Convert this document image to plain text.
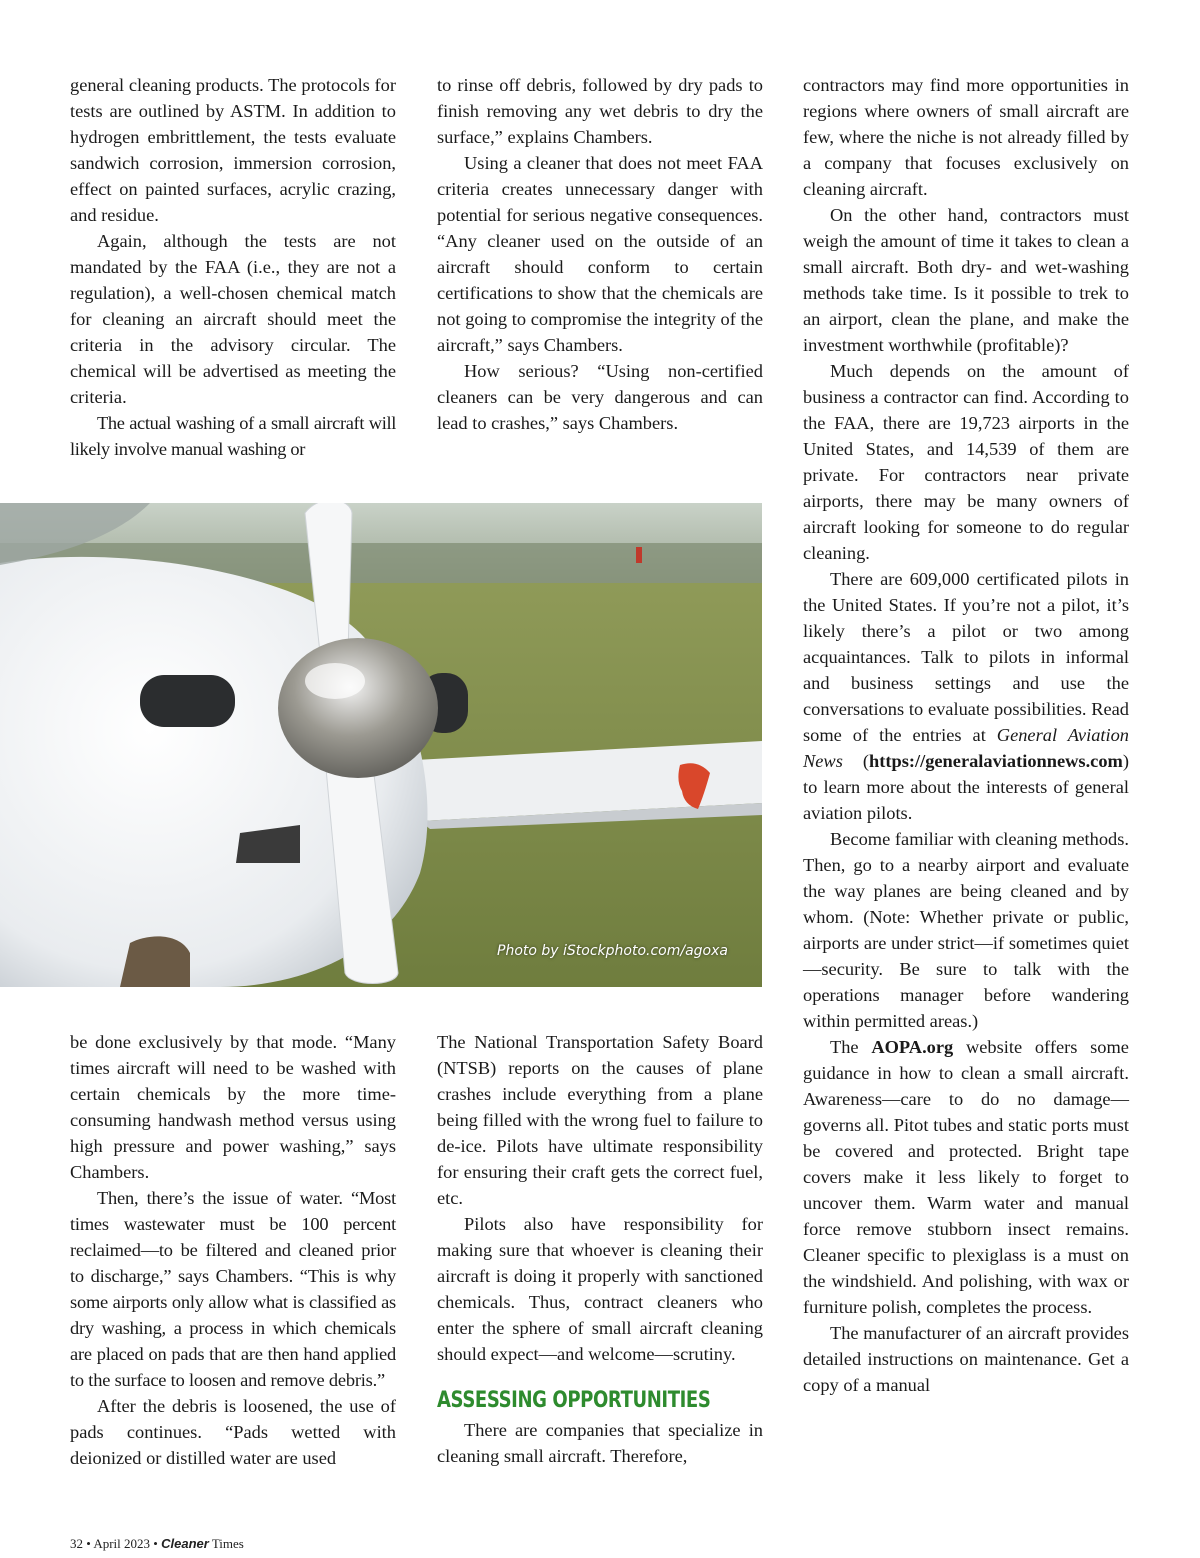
general cleaning products. The protocols for tests are outlined by ASTM. In addition to hydrogen embrittlement, the tests evaluate sandwich corrosion, immersion corrosion, effect on painted surfaces, acrylic crazing, and residue.

Again, although the tests are not mandated by the FAA (i.e., they are not a regulation), a well-chosen chemical match for cleaning an aircraft should meet the criteria in the advisory circular. The chemical will be advertised as meeting the criteria.

The actual washing of a small aircraft will likely involve manual washing or

to rinse off debris, followed by dry pads to finish removing any wet debris to dry the surface,” explains Chambers.

Using a cleaner that does not meet FAA criteria creates unnecessary danger with potential for serious negative consequences. “Any cleaner used on the outside of an aircraft should conform to certain certifications to show that the chemicals are not going to compromise the integrity of the aircraft,” says Chambers.

How serious? “Using non-certified cleaners can be very dangerous and can lead to crashes,” says Chambers.

contractors may find more opportunities in regions where owners of small aircraft are few, where the niche is not already filled by a company that focuses exclusively on cleaning aircraft.

On the other hand, contractors must weigh the amount of time it takes to clean a small aircraft. Both dry- and wet-washing methods take time. Is it possible to trek to an airport, clean the plane, and make the investment worthwhile (profitable)?

Much depends on the amount of business a contractor can find. According to the FAA, there are 19,723 airports in the United States, and 14,539 of them are private. For contractors near private airports, there may be many owners of aircraft looking for someone to do regular cleaning.

There are 609,000 certificated pilots in the United States. If you’re not a pilot, it’s likely there’s a pilot or two among acquaintances. Talk to pilots in informal and business settings and use the conversations to evaluate possibilities. Read some of the entries at General Aviation News (https://generalaviationnews.com) to learn more about the interests of general aviation pilots.

Become familiar with cleaning methods. Then, go to a nearby airport and evaluate the way planes are being cleaned and by whom. (Note: Whether private or public, airports are under strict—if sometimes quiet—security. Be sure to talk with the operations manager before wandering within permitted areas.)

The AOPA.org website offers some guidance in how to clean a small aircraft. Awareness—care to do no damage—governs all. Pitot tubes and static ports must be covered and protected. Bright tape covers make it less likely to forget to uncover them. Warm water and manual force remove stubborn insect remains. Cleaner specific to plexiglass is a must on the windshield. And polishing, with wax or furniture polish, completes the process.

The manufacturer of an aircraft provides detailed instructions on maintenance. Get a copy of a manual

Photo by iStockphoto.com/agoxa

be done exclusively by that mode. “Many times aircraft will need to be washed with certain chemicals by the more time-consuming handwash method versus using high pressure and power washing,” says Chambers.

Then, there’s the issue of water. “Most times wastewater must be 100 percent reclaimed—to be filtered and cleaned prior to discharge,” says Chambers. “This is why some airports only allow what is classified as dry washing, a process in which chemicals are placed on pads that are then hand applied to the surface to loosen and remove debris.”

After the debris is loosened, the use of pads continues. “Pads wetted with deionized or distilled water are used

The National Transportation Safety Board (NTSB) reports on the causes of plane crashes include everything from a plane being filled with the wrong fuel to failure to de-ice. Pilots have ultimate responsibility for ensuring their craft gets the correct fuel, etc.

Pilots also have responsibility for making sure that whoever is cleaning their aircraft is doing it properly with sanctioned chemicals. Thus, contract cleaners who enter the sphere of small aircraft cleaning should expect—and welcome—scrutiny.

ASSESSING OPPORTUNITIES

There are companies that specialize in cleaning small aircraft. Therefore,

32 • April 2023 • Cleaner Times
